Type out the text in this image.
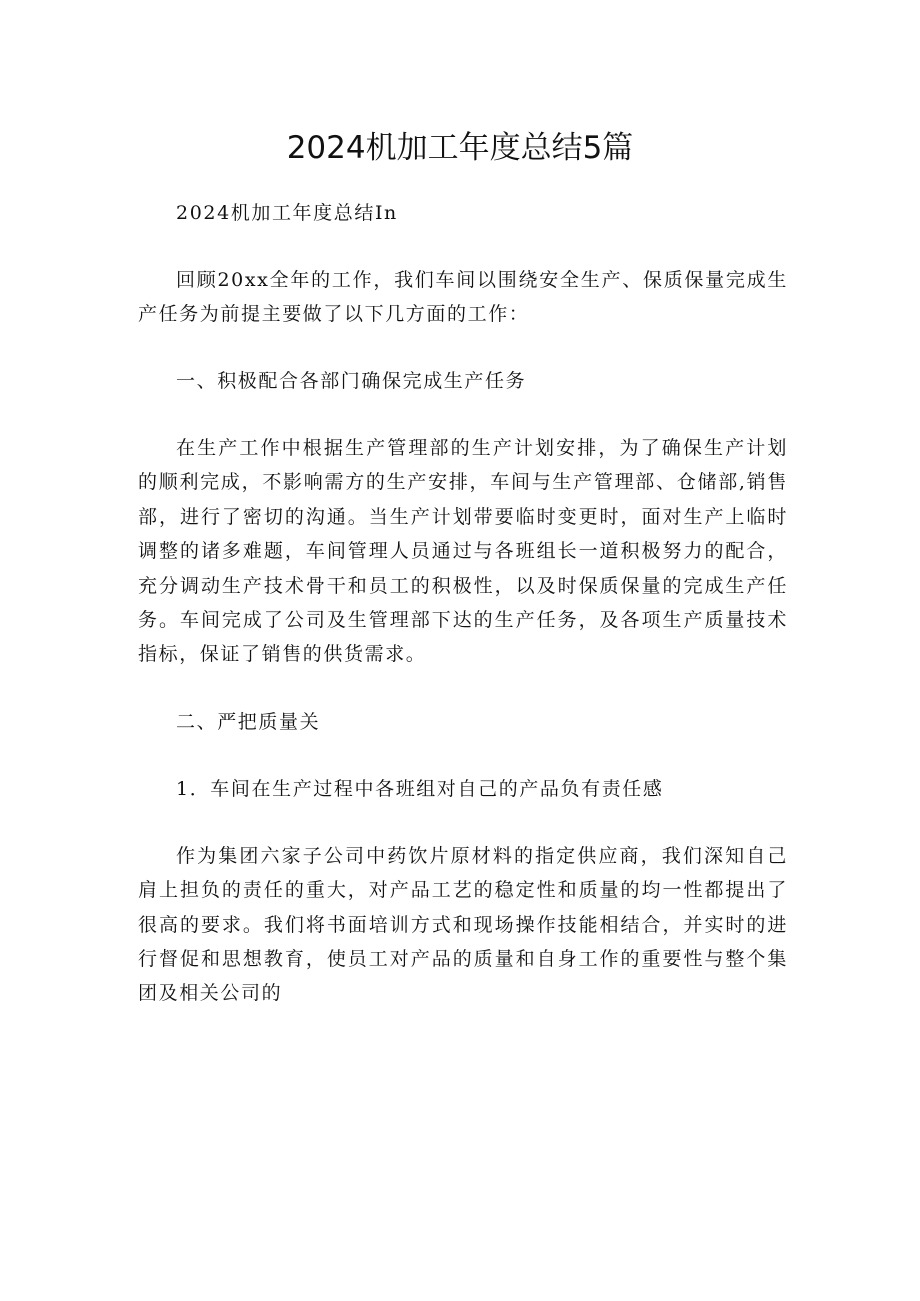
2024机加工年度总结5篇

2024机加工年度总结In

回顾20xx全年的工作，我们车间以围绕安全生产、保质保量完成生产任务为前提主要做了以下几方面的工作：

一、积极配合各部门确保完成生产任务

在生产工作中根据生产管理部的生产计划安排，为了确保生产计划的顺利完成，不影响需方的生产安排，车间与生产管理部、仓储部,销售部，进行了密切的沟通。当生产计划带要临时变更时，面对生产上临时调整的诸多难题，车间管理人员通过与各班组长一道积极努力的配合，充分调动生产技术骨干和员工的积极性，以及时保质保量的完成生产任务。车间完成了公司及生管理部下达的生产任务，及各项生产质量技术指标，保证了销售的供货需求。

二、严把质量关

1．车间在生产过程中各班组对自己的产品负有责任感

作为集团六家子公司中药饮片原材料的指定供应商，我们深知自己肩上担负的责任的重大，对产品工艺的稳定性和质量的均一性都提出了很高的要求。我们将书面培训方式和现场操作技能相结合，并实时的进行督促和思想教育，使员工对产品的质量和自身工作的重要性与整个集团及相关公司的
